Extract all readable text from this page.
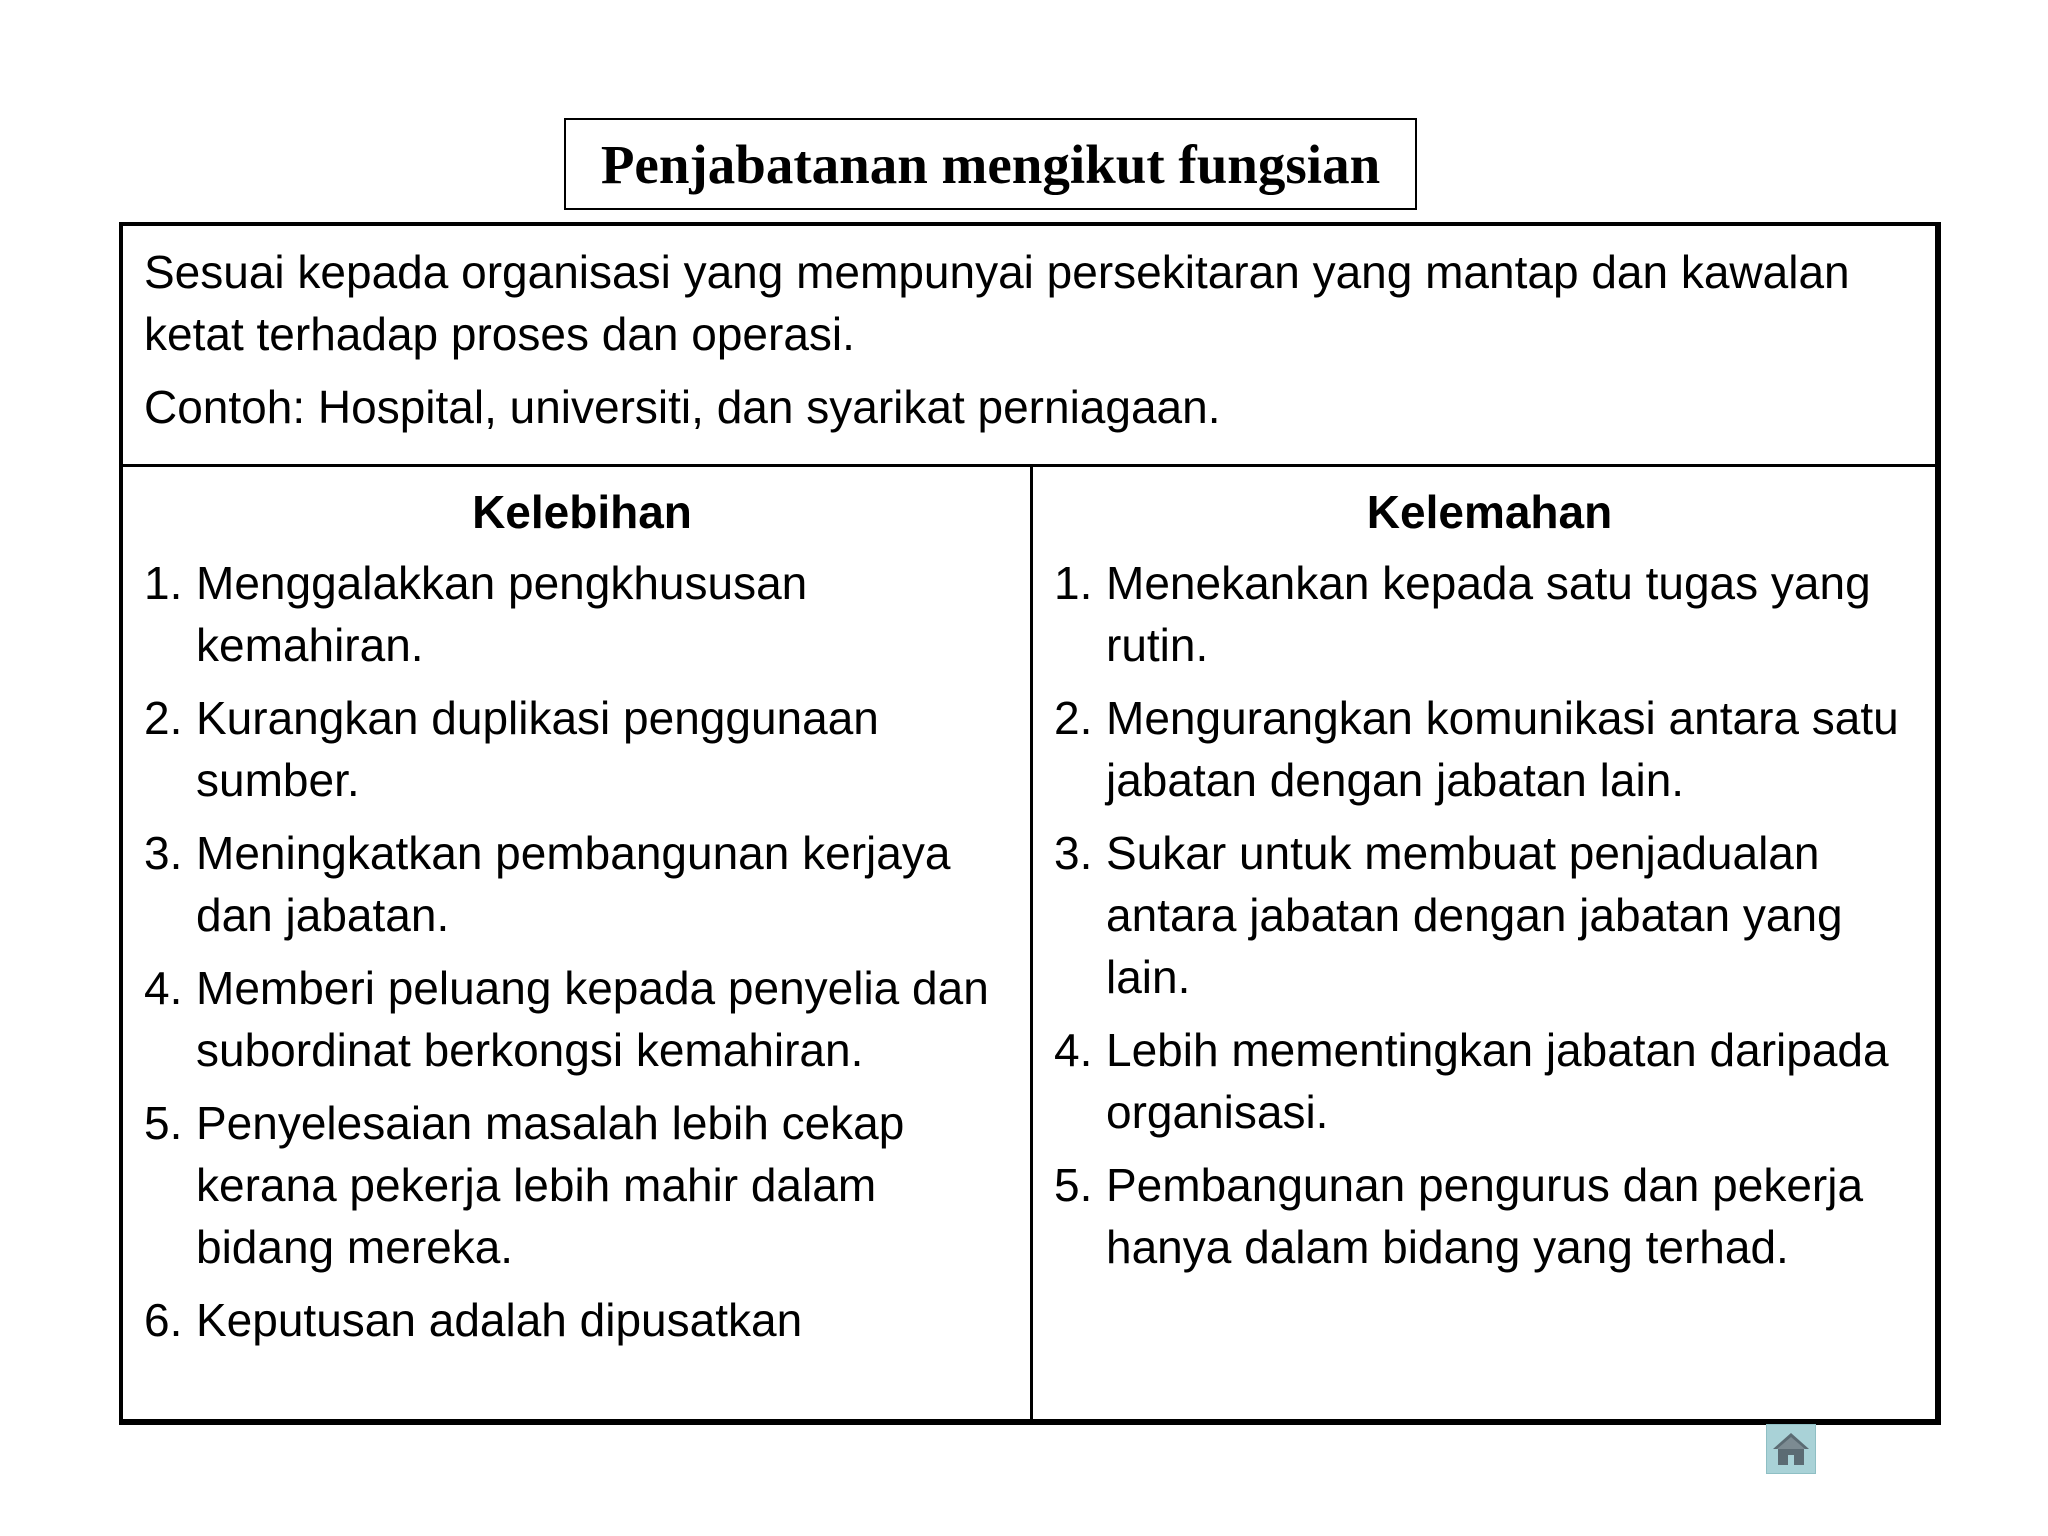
Penjabatanan mengikut fungsian

Sesuai kepada organisasi yang mempunyai persekitaran yang mantap dan kawalan ketat terhadap proses dan operasi.

Contoh: Hospital, universiti, dan syarikat perniagaan.

Kelebihan
1. Menggalakkan pengkhususan kemahiran.
2. Kurangkan duplikasi penggunaan sumber.
3. Meningkatkan pembangunan kerjaya dan jabatan.
4. Memberi peluang kepada penyelia dan subordinat berkongsi kemahiran.
5. Penyelesaian masalah lebih cekap kerana pekerja lebih mahir dalam bidang mereka.
6. Keputusan adalah dipusatkan
Kelemahan
1. Menekankan kepada satu tugas yang rutin.
2. Mengurangkan komunikasi antara satu jabatan dengan jabatan lain.
3. Sukar untuk membuat penjadualan antara jabatan dengan jabatan yang lain.
4. Lebih mementingkan jabatan daripada organisasi.
5. Pembangunan pengurus dan pekerja hanya dalam bidang yang terhad.
